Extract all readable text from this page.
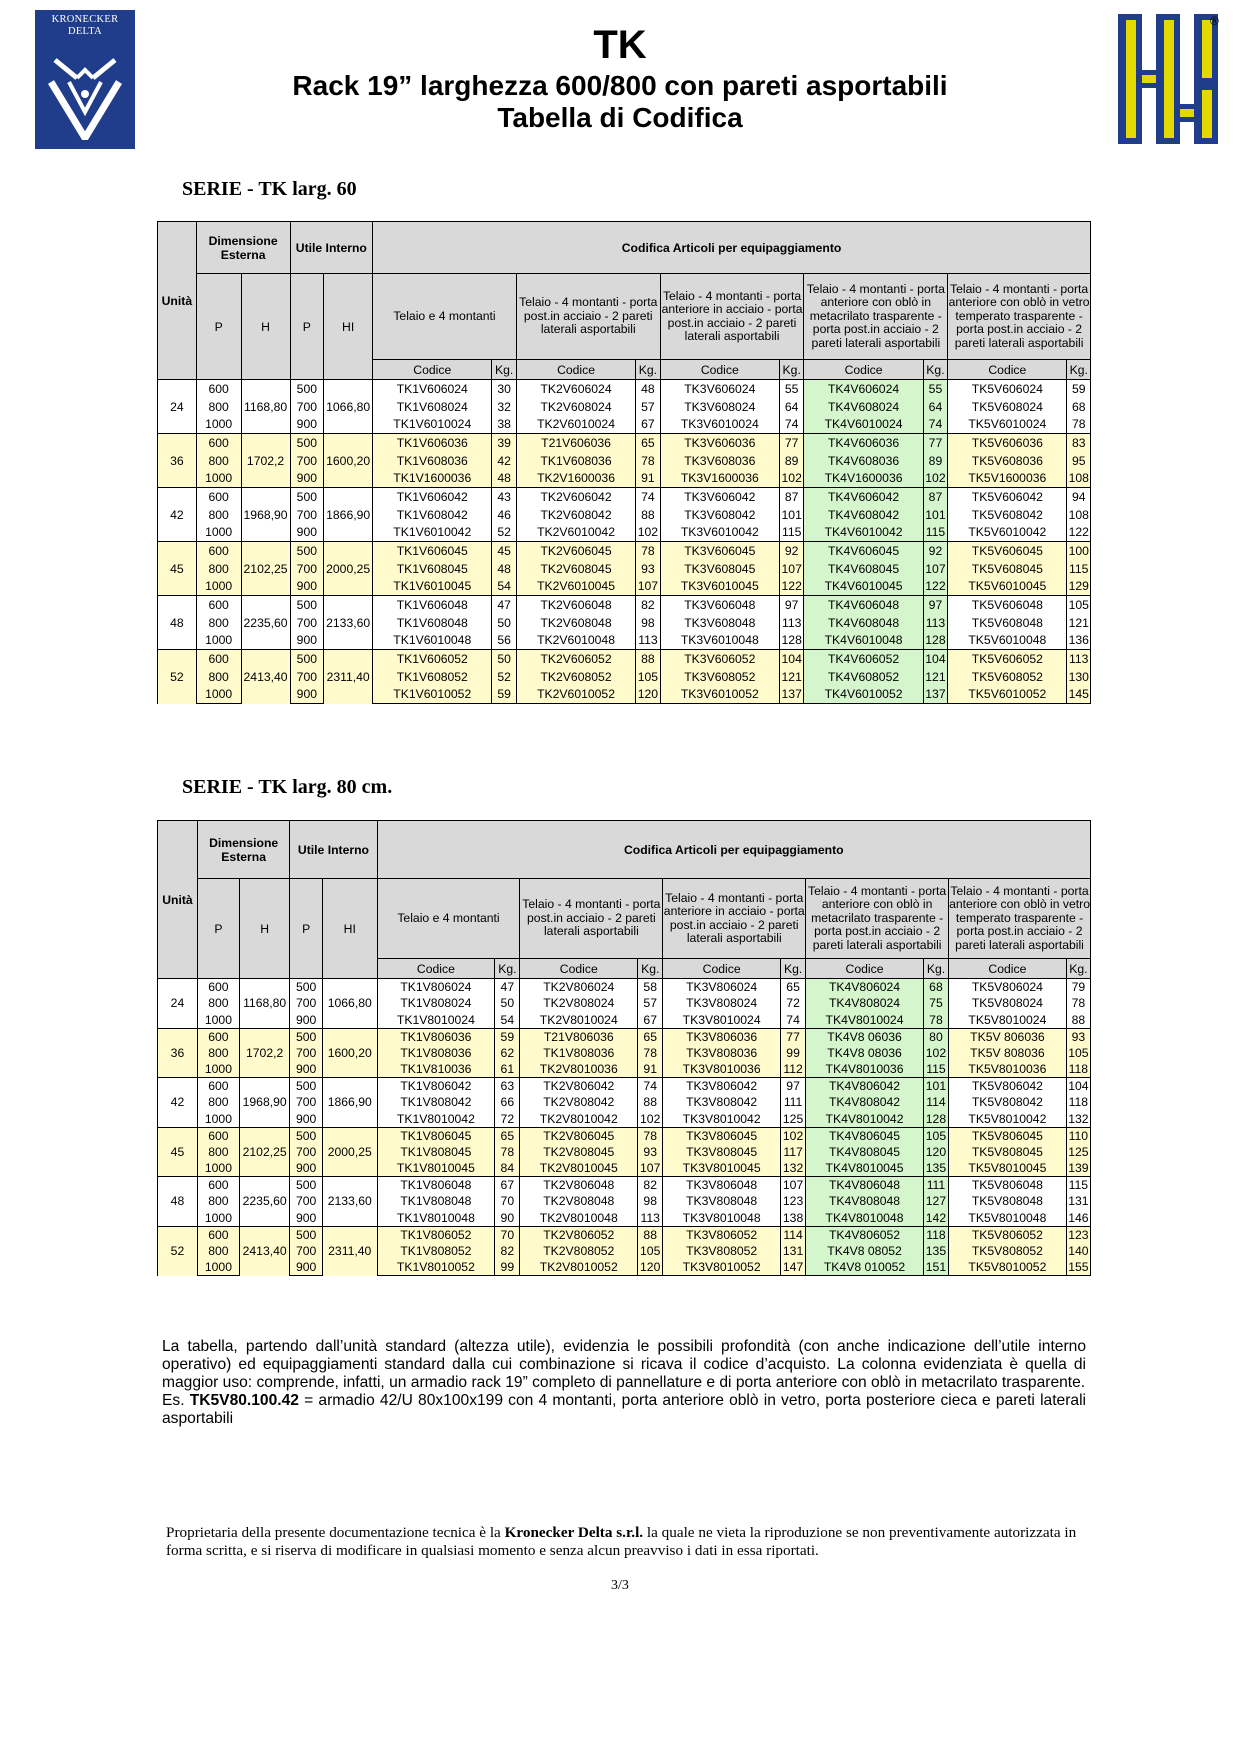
KRONECKER
DELTA
®
TK
Rack 19” larghezza 600/800 con pareti asportabili
Tabella di Codifica
SERIE - TK larg. 60
Unità	Dimensione Esterna		Utile Interno		Codifica Articoli per equipaggiamento									
	P	H	P	HI	Telaio e 4 montanti		Telaio - 4 montanti - porta post.in acciaio - 2 pareti laterali asportabili		Telaio - 4 montanti - porta anteriore in acciaio - porta post.in acciaio - 2 pareti laterali asportabili		Telaio - 4 montanti - porta anteriore con oblò in metacrilato trasparente - porta post.in acciaio - 2 pareti laterali asportabili		Telaio - 4 montanti - porta anteriore con oblò in vetro temperato trasparente - porta post.in acciaio - 2 pareti laterali asportabili	
					Codice	Kg.	Codice	Kg.	Codice	Kg.	Codice	Kg.	Codice	Kg.
24	600	1168,80	500	1066,80	TK1V606024	30	TK2V606024	48	TK3V606024	55	TK4V606024	55	TK5V606024	59
	800		700		TK1V608024	32	TK2V608024	57	TK3V608024	64	TK4V608024	64	TK5V608024	68
	1000		900		TK1V6010024	38	TK2V6010024	67	TK3V6010024	74	TK4V6010024	74	TK5V6010024	78
36	600	1702,2	500	1600,20	TK1V606036	39	T21V606036	65	TK3V606036	77	TK4V606036	77	TK5V606036	83
	800		700		TK1V608036	42	TK1V608036	78	TK3V608036	89	TK4V608036	89	TK5V608036	95
	1000		900		TK1V1600036	48	TK2V1600036	91	TK3V1600036	102	TK4V1600036	102	TK5V1600036	108
42	600	1968,90	500	1866,90	TK1V606042	43	TK2V606042	74	TK3V606042	87	TK4V606042	87	TK5V606042	94
	800		700		TK1V608042	46	TK2V608042	88	TK3V608042	101	TK4V608042	101	TK5V608042	108
	1000		900		TK1V6010042	52	TK2V6010042	102	TK3V6010042	115	TK4V6010042	115	TK5V6010042	122
45	600	2102,25	500	2000,25	TK1V606045	45	TK2V606045	78	TK3V606045	92	TK4V606045	92	TK5V606045	100
	800		700		TK1V608045	48	TK2V608045	93	TK3V608045	107	TK4V608045	107	TK5V608045	115
	1000		900		TK1V6010045	54	TK2V6010045	107	TK3V6010045	122	TK4V6010045	122	TK5V6010045	129
48	600	2235,60	500	2133,60	TK1V606048	47	TK2V606048	82	TK3V606048	97	TK4V606048	97	TK5V606048	105
	800		700		TK1V608048	50	TK2V608048	98	TK3V608048	113	TK4V608048	113	TK5V608048	121
	1000		900		TK1V6010048	56	TK2V6010048	113	TK3V6010048	128	TK4V6010048	128	TK5V6010048	136
52	600	2413,40	500	2311,40	TK1V606052	50	TK2V606052	88	TK3V606052	104	TK4V606052	104	TK5V606052	113
	800		700		TK1V608052	52	TK2V608052	105	TK3V608052	121	TK4V608052	121	TK5V608052	130
	1000		900		TK1V6010052	59	TK2V6010052	120	TK3V6010052	137	TK4V6010052	137	TK5V6010052	145
SERIE - TK larg. 80 cm.
Unità	Dimensione Esterna		Utile Interno		Codifica Articoli per equipaggiamento									
	P	H	P	HI	Telaio e 4 montanti		Telaio - 4 montanti - porta post.in acciaio - 2 pareti laterali asportabili		Telaio - 4 montanti - porta anteriore in acciaio - porta post.in acciaio - 2 pareti laterali asportabili		Telaio - 4 montanti - porta anteriore con oblò in metacrilato trasparente - porta post.in acciaio - 2 pareti laterali asportabili		Telaio - 4 montanti - porta anteriore con oblò in vetro temperato trasparente - porta post.in acciaio - 2 pareti laterali asportabili	
					Codice	Kg.	Codice	Kg.	Codice	Kg.	Codice	Kg.	Codice	Kg.
24	600	1168,80	500	1066,80	TK1V806024	47	TK2V806024	58	TK3V806024	65	TK4V806024	68	TK5V806024	79
	800		700		TK1V808024	50	TK2V808024	57	TK3V808024	72	TK4V808024	75	TK5V808024	78
	1000		900		TK1V8010024	54	TK2V8010024	67	TK3V8010024	74	TK4V8010024	78	TK5V8010024	88
36	600	1702,2	500	1600,20	TK1V806036	59	T21V806036	65	TK3V806036	77	TK4V8 06036	80	TK5V 806036	93
	800		700		TK1V808036	62	TK1V808036	78	TK3V808036	99	TK4V8 08036	102	TK5V 808036	105
	1000		900		TK1V810036	61	TK2V8010036	91	TK3V8010036	112	TK4V8010036	115	TK5V8010036	118
42	600	1968,90	500	1866,90	TK1V806042	63	TK2V806042	74	TK3V806042	97	TK4V806042	101	TK5V806042	104
	800		700		TK1V808042	66	TK2V808042	88	TK3V808042	111	TK4V808042	114	TK5V808042	118
	1000		900		TK1V8010042	72	TK2V8010042	102	TK3V8010042	125	TK4V8010042	128	TK5V8010042	132
45	600	2102,25	500	2000,25	TK1V806045	65	TK2V806045	78	TK3V806045	102	TK4V806045	105	TK5V806045	110
	800		700		TK1V808045	78	TK2V808045	93	TK3V808045	117	TK4V808045	120	TK5V808045	125
	1000		900		TK1V8010045	84	TK2V8010045	107	TK3V8010045	132	TK4V8010045	135	TK5V8010045	139
48	600	2235,60	500	2133,60	TK1V806048	67	TK2V806048	82	TK3V806048	107	TK4V806048	111	TK5V806048	115
	800		700		TK1V808048	70	TK2V808048	98	TK3V808048	123	TK4V808048	127	TK5V808048	131
	1000		900		TK1V8010048	90	TK2V8010048	113	TK3V8010048	138	TK4V8010048	142	TK5V8010048	146
52	600	2413,40	500	2311,40	TK1V806052	70	TK2V806052	88	TK3V806052	114	TK4V806052	118	TK5V806052	123
	800		700		TK1V808052	82	TK2V808052	105	TK3V808052	131	TK4V8 08052	135	TK5V808052	140
	1000		900		TK1V8010052	99	TK2V8010052	120	TK3V8010052	147	TK4V8 010052	151	TK5V8010052	155
La tabella, partendo dall’unità standard (altezza utile), evidenzia le possibili profondità (con anche indicazione dell’utile interno operativo) ed equipaggiamenti standard dalla cui combinazione si ricava il codice d’acquisto. La colonna evidenziata è quella di maggior uso: comprende, infatti, un armadio rack 19” completo di pannellature e di porta anteriore con oblò in metacrilato trasparente.
Es. TK5V80.100.42 = armadio 42/U 80x100x199 con 4 montanti, porta anteriore oblò in vetro, porta posteriore cieca e pareti laterali asportabili
Proprietaria della presente documentazione tecnica è la Kronecker Delta s.r.l. la quale ne vieta la riproduzione se non preventivamente autorizzata in forma scritta, e si riserva di modificare in qualsiasi momento e senza alcun preavviso i dati in essa riportati.
3/3
